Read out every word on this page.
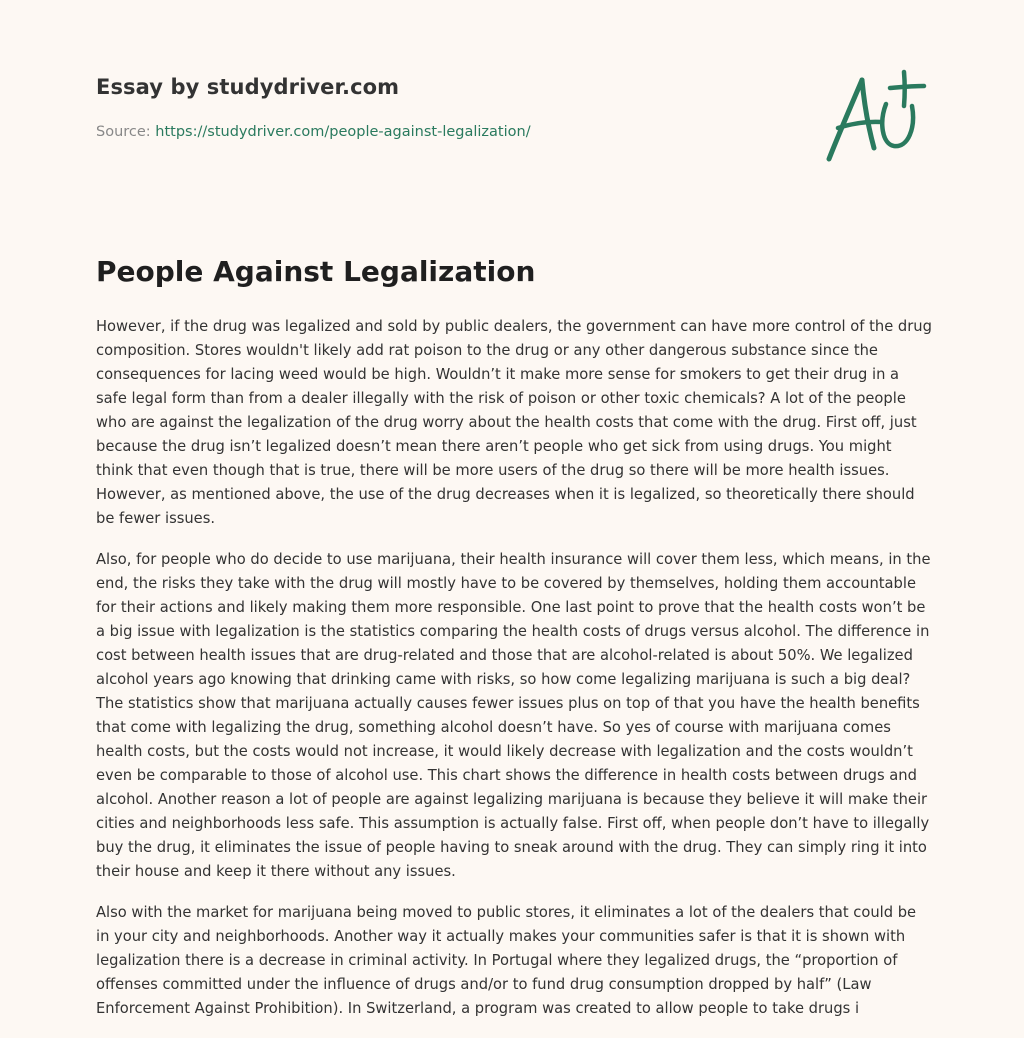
Essay by studydriver.com
Source: https://studydriver.com/people-against-legalization/
People Against Legalization

However, if the drug was legalized and sold by public dealers, the government can have more control of the drug composition. Stores wouldn't likely add rat poison to the drug or any other dangerous substance since the consequences for lacing weed would be high. Wouldn’t it make more sense for smokers to get their drug in a safe legal form than from a dealer illegally with the risk of poison or other toxic chemicals? A lot of the people who are against the legalization of the drug worry about the health costs that come with the drug. First off, just because the drug isn’t legalized doesn’t mean there aren’t people who get sick from using drugs. You might think that even though that is true, there will be more users of the drug so there will be more health issues. However, as mentioned above, the use of the drug decreases when it is legalized, so theoretically there should be fewer issues.

Also, for people who do decide to use marijuana, their health insurance will cover them less, which means, in the end, the risks they take with the drug will mostly have to be covered by themselves, holding them accountable for their actions and likely making them more responsible. One last point to prove that the health costs won’t be a big issue with legalization is the statistics comparing the health costs of drugs versus alcohol. The difference in cost between health issues that are drug-related and those that are alcohol-related is about 50%. We legalized alcohol years ago knowing that drinking came with risks, so how come legalizing marijuana is such a big deal? The statistics show that marijuana actually causes fewer issues plus on top of that you have the health benefits that come with legalizing the drug, something alcohol doesn’t have. So yes of course with marijuana comes health costs, but the costs would not increase, it would likely decrease with legalization and the costs wouldn’t even be comparable to those of alcohol use. This chart shows the difference in health costs between drugs and alcohol. Another reason a lot of people are against legalizing marijuana is because they believe it will make their cities and neighborhoods less safe. This assumption is actually false. First off, when people don’t have to illegally buy the drug, it eliminates the issue of people having to sneak around with the drug. They can simply ring it into their house and keep it there without any issues.

Also with the market for marijuana being moved to public stores, it eliminates a lot of the dealers that could be in your city and neighborhoods. Another way it actually makes your communities safer is that it is shown with legalization there is a decrease in criminal activity. In Portugal where they legalized drugs, the “proportion of offenses committed under the influence of drugs and/or to fund drug consumption dropped by half” (Law Enforcement Against Prohibition). In Switzerland, a program was created to allow people to take drugs i
